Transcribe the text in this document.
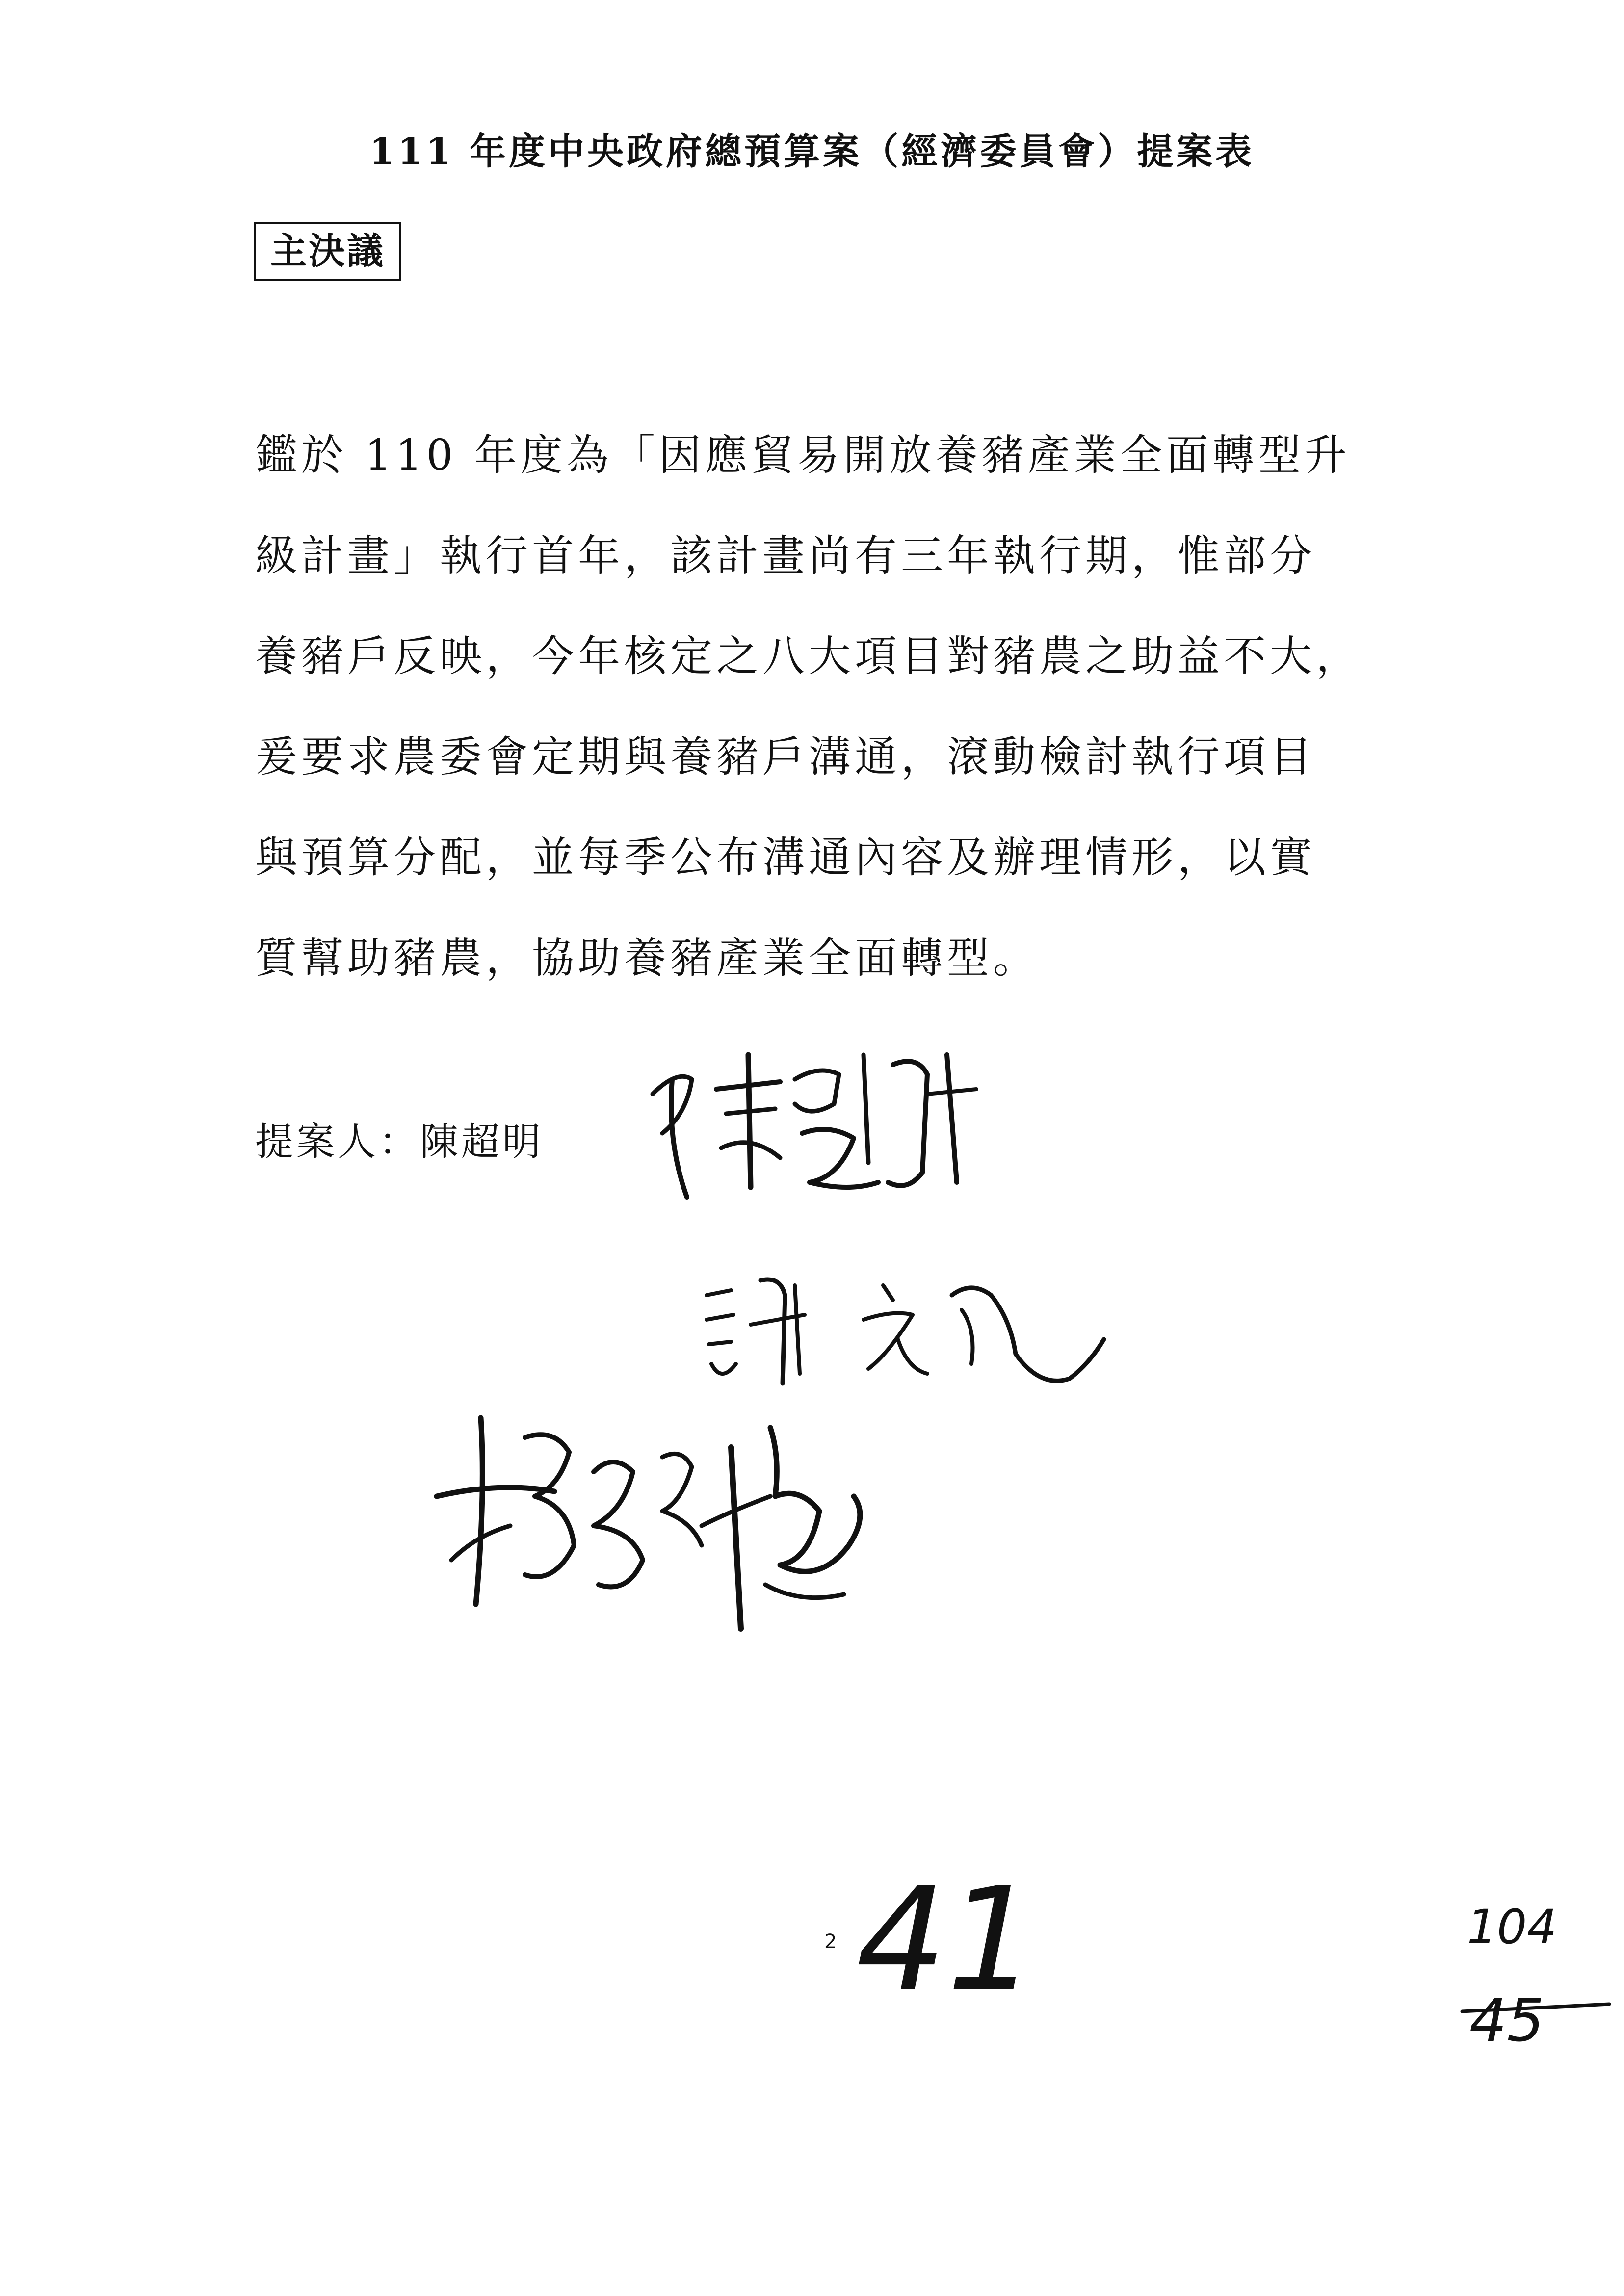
111 年度中央政府總預算案（經濟委員會）提案表
主決議
鑑於 110 年度為「因應貿易開放養豬產業全面轉型升
級計畫」執行首年，該計畫尚有三年執行期，惟部分
養豬戶反映，今年核定之八大項目對豬農之助益不大，
爰要求農委會定期與養豬戶溝通，滾動檢討執行項目
與預算分配，並每季公布溝通內容及辦理情形，以實
質幫助豬農，協助養豬產業全面轉型。
提案人：陳超明
2 41	104
45
